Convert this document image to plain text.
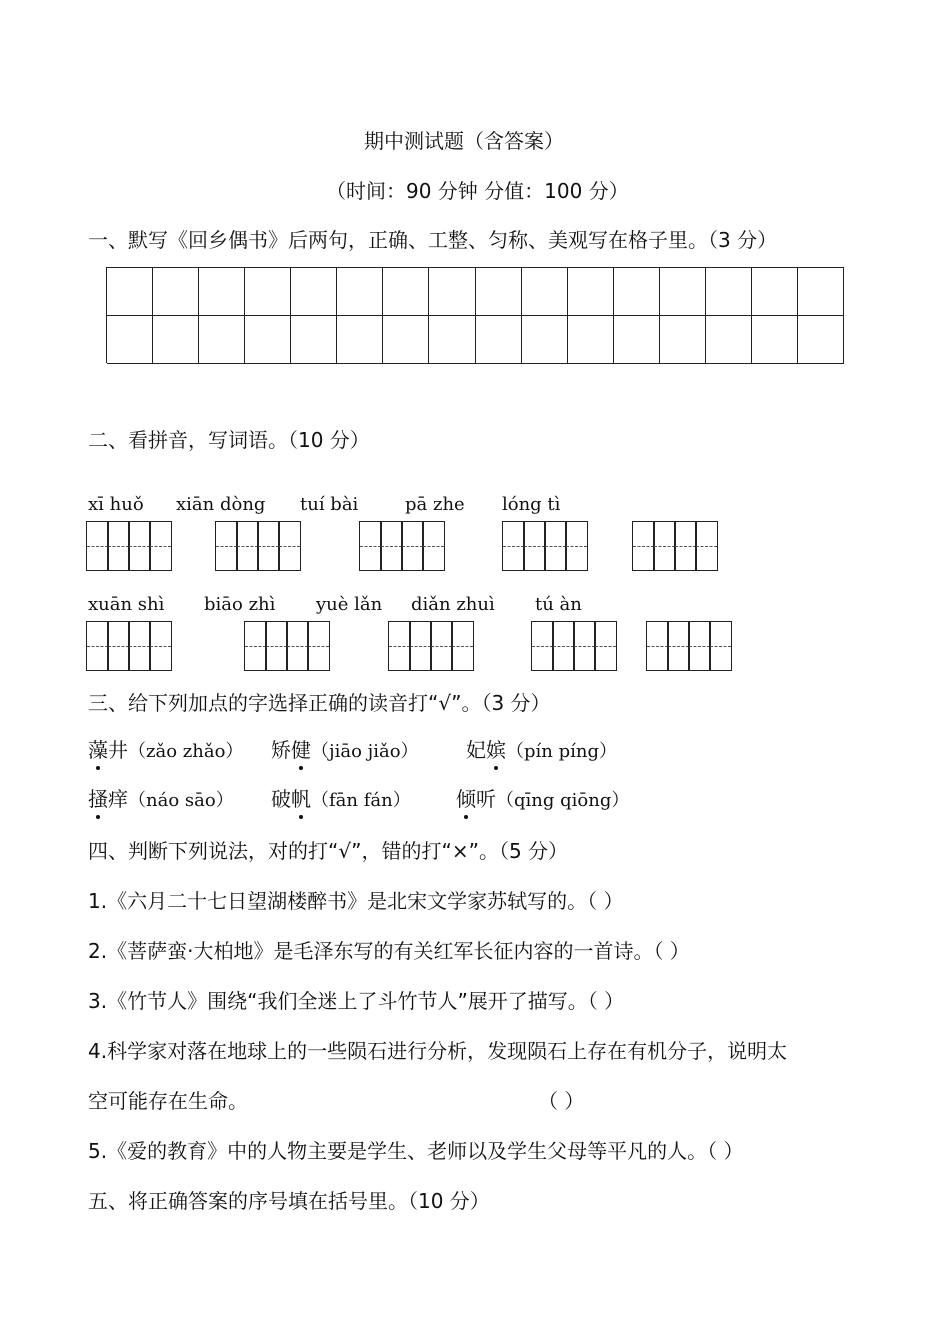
期中测试题（含答案）
（时间：90 分钟 分值：100 分）
一、默写《回乡偶书》后两句，正确、工整、匀称、美观写在格子里。（3 分）
二、看拼音，写词语。（10 分）
xī huǒ xiān dòng tuí bài	pā zhe lóng tì
xuān shì biāo zhì yuè lǎn diǎn zhuì tú àn
三、给下列加点的字选择正确的读音打“√”。（3 分）
藻井（zǎo zhǎo） 矫健（jiāo jiǎo） 妃嫔（pín píng）
搔痒（náo sāo） 破帆（fān fán） 倾听（qīng qiōng）
四、判断下列说法，对的打“√”，错的打“×”。（5 分）
1.《六月二十七日望湖楼醉书》是北宋文学家苏轼写的。（ ）
2.《菩萨蛮·大柏地》是毛泽东写的有关红军长征内容的一首诗。（ ）
3.《竹节人》围绕“我们全迷上了斗竹节人”展开了描写。（ ）
4.科学家对落在地球上的一些陨石进行分析，发现陨石上存在有机分子，说明太
空可能存在生命。	（ ）
5.《爱的教育》中的人物主要是学生、老师以及学生父母等平凡的人。（ ）
五、将正确答案的序号填在括号里。（10 分）
